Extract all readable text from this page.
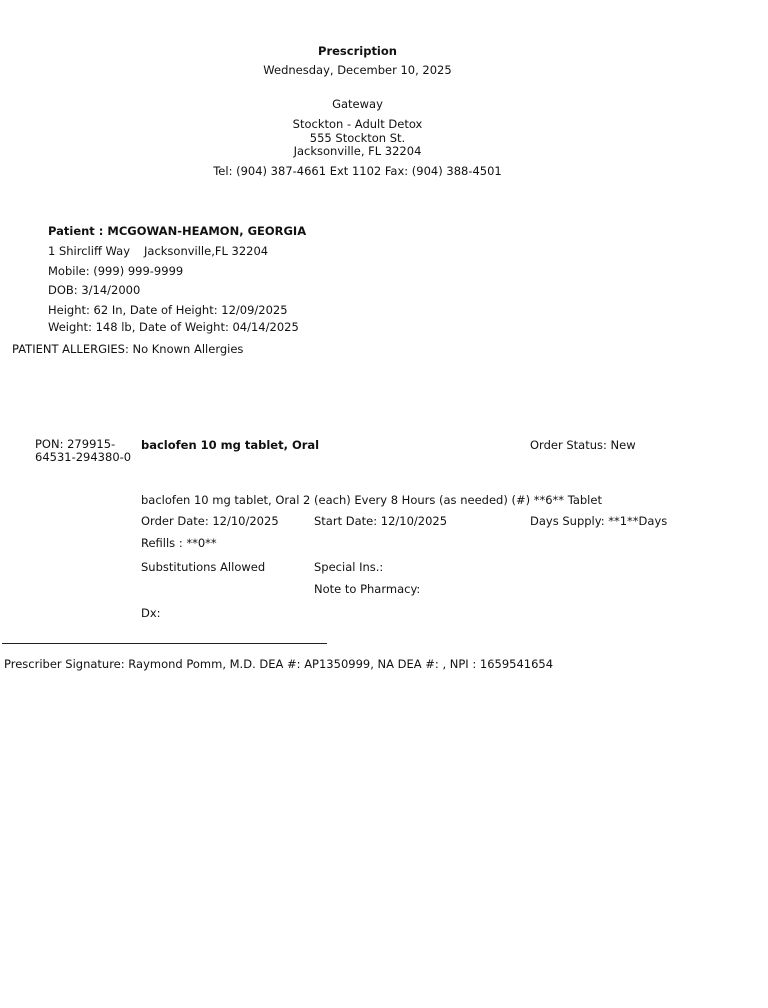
Prescription
Wednesday, December 10, 2025
Gateway
Stockton - Adult Detox
555 Stockton St.
Jacksonville, FL 32204
Tel: (904) 387-4661 Ext 1102 Fax: (904) 388-4501
Patient : MCGOWAN-HEAMON, GEORGIA
1 Shircliff Way Jacksonville,FL 32204
Mobile: (999) 999-9999
DOB: 3/14/2000
Height: 62 In, Date of Height: 12/09/2025
Weight: 148 lb, Date of Weight: 04/14/2025
PATIENT ALLERGIES: No Known Allergies
PON: 279915-64531-294380-0
baclofen 10 mg tablet, Oral	Order Status: New
baclofen 10 mg tablet, Oral 2 (each) Every 8 Hours (as needed) (#) **6** Tablet
Order Date: 12/10/2025	Start Date: 12/10/2025	Days Supply: **1**Days
Refills : **0**
Substitutions Allowed	Special Ins.:
Note to Pharmacy:
Dx:
Prescriber Signature: Raymond Pomm, M.D. DEA #: AP1350999, NA DEA #: , NPI : 1659541654
